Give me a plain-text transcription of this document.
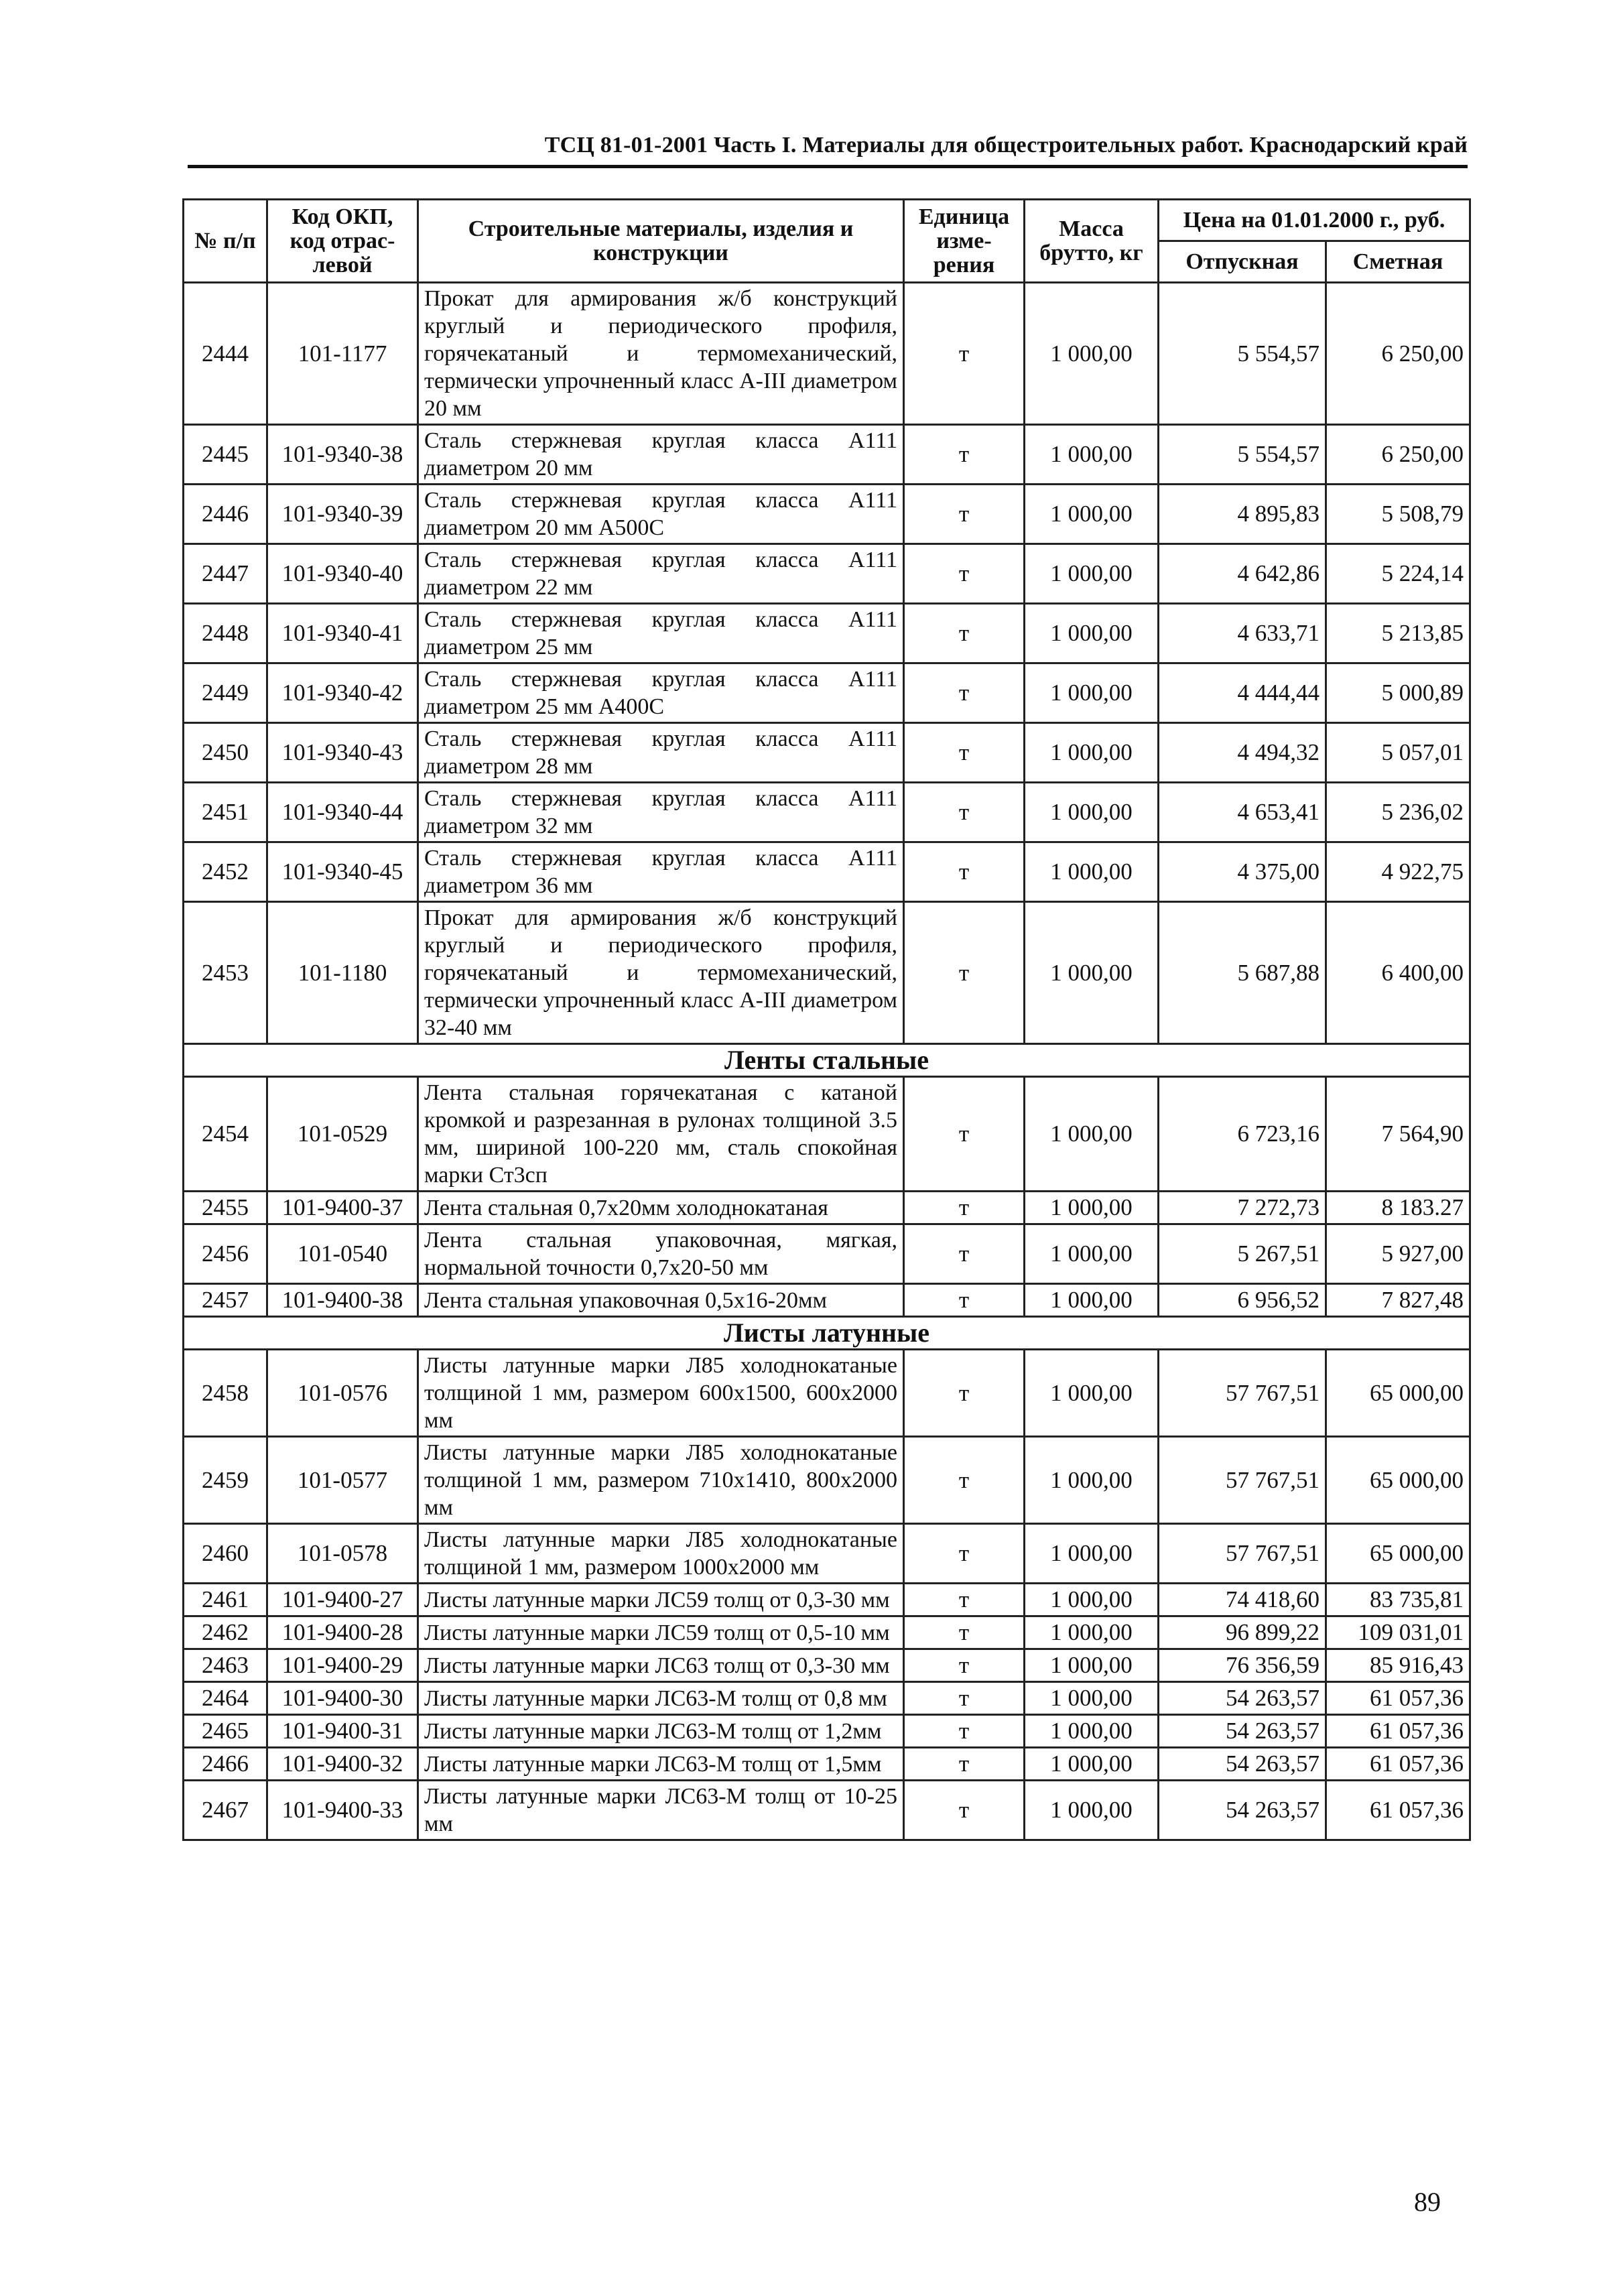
ТСЦ 81-01-2001 Часть I. Материалы для общестроительных работ. Краснодарский край
№ п/п	Код ОКП, код отрас-левой	Строительные материалы, изделия и конструкции	Единица изме-рения	Масса брутто, кг	Цена на 01.01.2000 г., руб.	
					Отпускная	Сметная
2444	101-1177	Прокат для армирования ж/б конструкций круглый и периодического профиля, горячекатаный и термомеханический, термически упрочненный класс А-III диаметром 20 мм	т	1 000,00	5 554,57	6 250,00
2445	101-9340-38	Сталь стержневая круглая класса А111 диаметром 20 мм	т	1 000,00	5 554,57	6 250,00
2446	101-9340-39	Сталь стержневая круглая класса А111 диаметром 20 мм А500С	т	1 000,00	4 895,83	5 508,79
2447	101-9340-40	Сталь стержневая круглая класса А111 диаметром 22 мм	т	1 000,00	4 642,86	5 224,14
2448	101-9340-41	Сталь стержневая круглая класса А111 диаметром 25 мм	т	1 000,00	4 633,71	5 213,85
2449	101-9340-42	Сталь стержневая круглая класса А111 диаметром 25 мм А400С	т	1 000,00	4 444,44	5 000,89
2450	101-9340-43	Сталь стержневая круглая класса А111 диаметром 28 мм	т	1 000,00	4 494,32	5 057,01
2451	101-9340-44	Сталь стержневая круглая класса А111 диаметром 32 мм	т	1 000,00	4 653,41	5 236,02
2452	101-9340-45	Сталь стержневая круглая класса А111 диаметром 36 мм	т	1 000,00	4 375,00	4 922,75
2453	101-1180	Прокат для армирования ж/б конструкций круглый и периодического профиля, горячекатаный и термомеханический, термически упрочненный класс А-III диаметром 32-40 мм	т	1 000,00	5 687,88	6 400,00
Ленты стальные						
2454	101-0529	Лента стальная горячекатаная с катаной кромкой и разрезанная в рулонах толщиной 3.5 мм, шириной 100-220 мм, сталь спокойная марки Ст3сп	т	1 000,00	6 723,16	7 564,90
2455	101-9400-37	Лента стальная 0,7х20мм холоднокатаная	т	1 000,00	7 272,73	8 183.27
2456	101-0540	Лента стальная упаковочная, мягкая, нормальной точности 0,7х20-50 мм	т	1 000,00	5 267,51	5 927,00
2457	101-9400-38	Лента стальная упаковочная 0,5х16-20мм	т	1 000,00	6 956,52	7 827,48
Листы латунные						
2458	101-0576	Листы латунные марки Л85 холоднокатаные толщиной 1 мм, размером 600х1500, 600х2000 мм	т	1 000,00	57 767,51	65 000,00
2459	101-0577	Листы латунные марки Л85 холоднокатаные толщиной 1 мм, размером 710х1410, 800х2000 мм	т	1 000,00	57 767,51	65 000,00
2460	101-0578	Листы латунные марки Л85 холоднокатаные толщиной 1 мм, размером 1000х2000 мм	т	1 000,00	57 767,51	65 000,00
2461	101-9400-27	Листы латунные марки ЛС59 толщ от 0,3-30 мм	т	1 000,00	74 418,60	83 735,81
2462	101-9400-28	Листы латунные марки ЛС59 толщ от 0,5-10 мм	т	1 000,00	96 899,22	109 031,01
2463	101-9400-29	Листы латунные марки ЛС63 толщ от 0,3-30 мм	т	1 000,00	76 356,59	85 916,43
2464	101-9400-30	Листы латунные марки ЛС63-М толщ от 0,8 мм	т	1 000,00	54 263,57	61 057,36
2465	101-9400-31	Листы латунные марки ЛС63-М толщ от 1,2мм	т	1 000,00	54 263,57	61 057,36
2466	101-9400-32	Листы латунные марки ЛС63-М толщ от 1,5мм	т	1 000,00	54 263,57	61 057,36
2467	101-9400-33	Листы латунные марки ЛС63-М толщ от 10-25 мм	т	1 000,00	54 263,57	61 057,36
89
